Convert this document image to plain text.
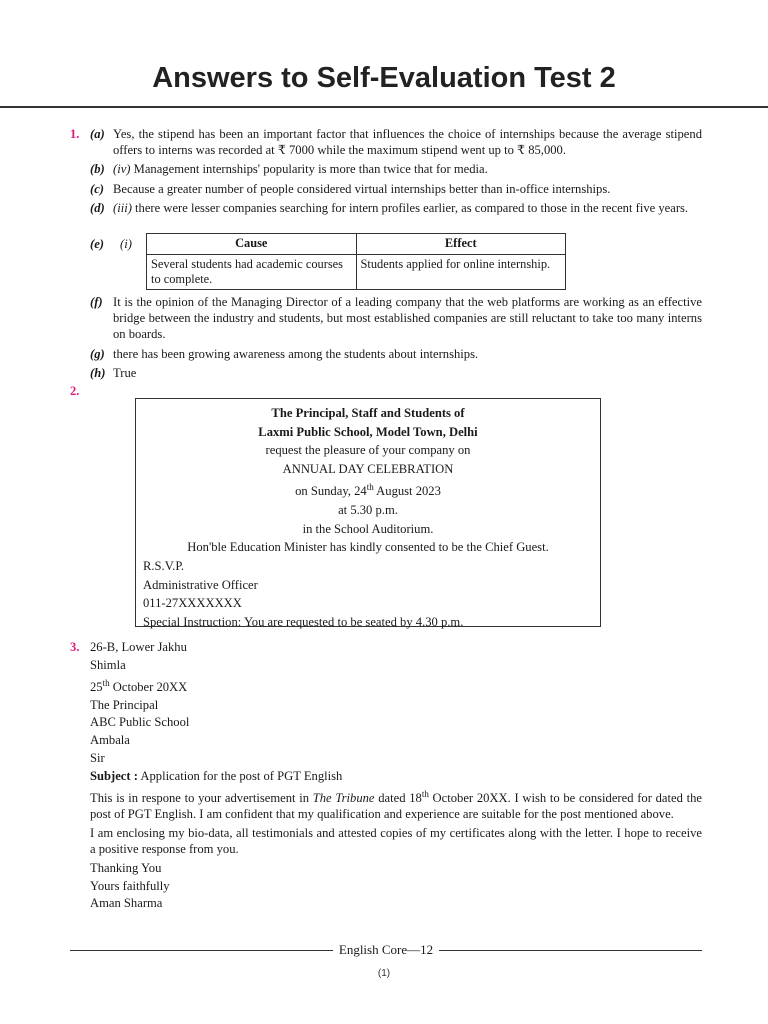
Answers to Self-Evaluation Test 2
1. (a) Yes, the stipend has been an important factor that influences the choice of internships because the average stipend offers to interns was recorded at ₹ 7000 while the maximum stipend went up to ₹ 85,000.
(b) (iv) Management internships' popularity is more than twice that for media.
(c) Because a greater number of people considered virtual internships better than in-office internships.
(d) (iii) there were lesser companies searching for intern profiles earlier, as compared to those in the recent five years.
(e) (i)	Cause	Effect
Several students had academic courses to complete.	Students applied for online internship.
(f) It is the opinion of the Managing Director of a leading company that the web platforms are working as an effective bridge between the industry and students, but most established companies are still reluctant to take too many interns on boards.
(g) there has been growing awareness among the students about internships.
(h) True
2.
The Principal, Staff and Students of
Laxmi Public School, Model Town, Delhi
request the pleasure of your company on
ANNUAL DAY CELEBRATION
on Sunday, 24th August 2023
at 5.30 p.m.
in the School Auditorium.
Hon'ble Education Minister has kindly consented to be the Chief Guest.
R.S.V.P.
Administrative Officer
011-27XXXXXXX
Special Instruction: You are requested to be seated by 4.30 p.m.
3. 26-B, Lower Jakhu

Shimla

25th October 20XX

The Principal

ABC Public School

Ambala

Sir

Subject : Application for the post of PGT English

This is in respone to your advertisement in The Tribune dated 18th October 20XX. I wish to be considered for dated the post of PGT English. I am confident that my qualification and experience are suitable for the post mentioned above.

I am enclosing my bio-data, all testimonials and attested copies of my certificates along with the letter. I hope to receive a positive response from you.

Thanking You

Yours faithfully

Aman Sharma

English Core—12
(1)
